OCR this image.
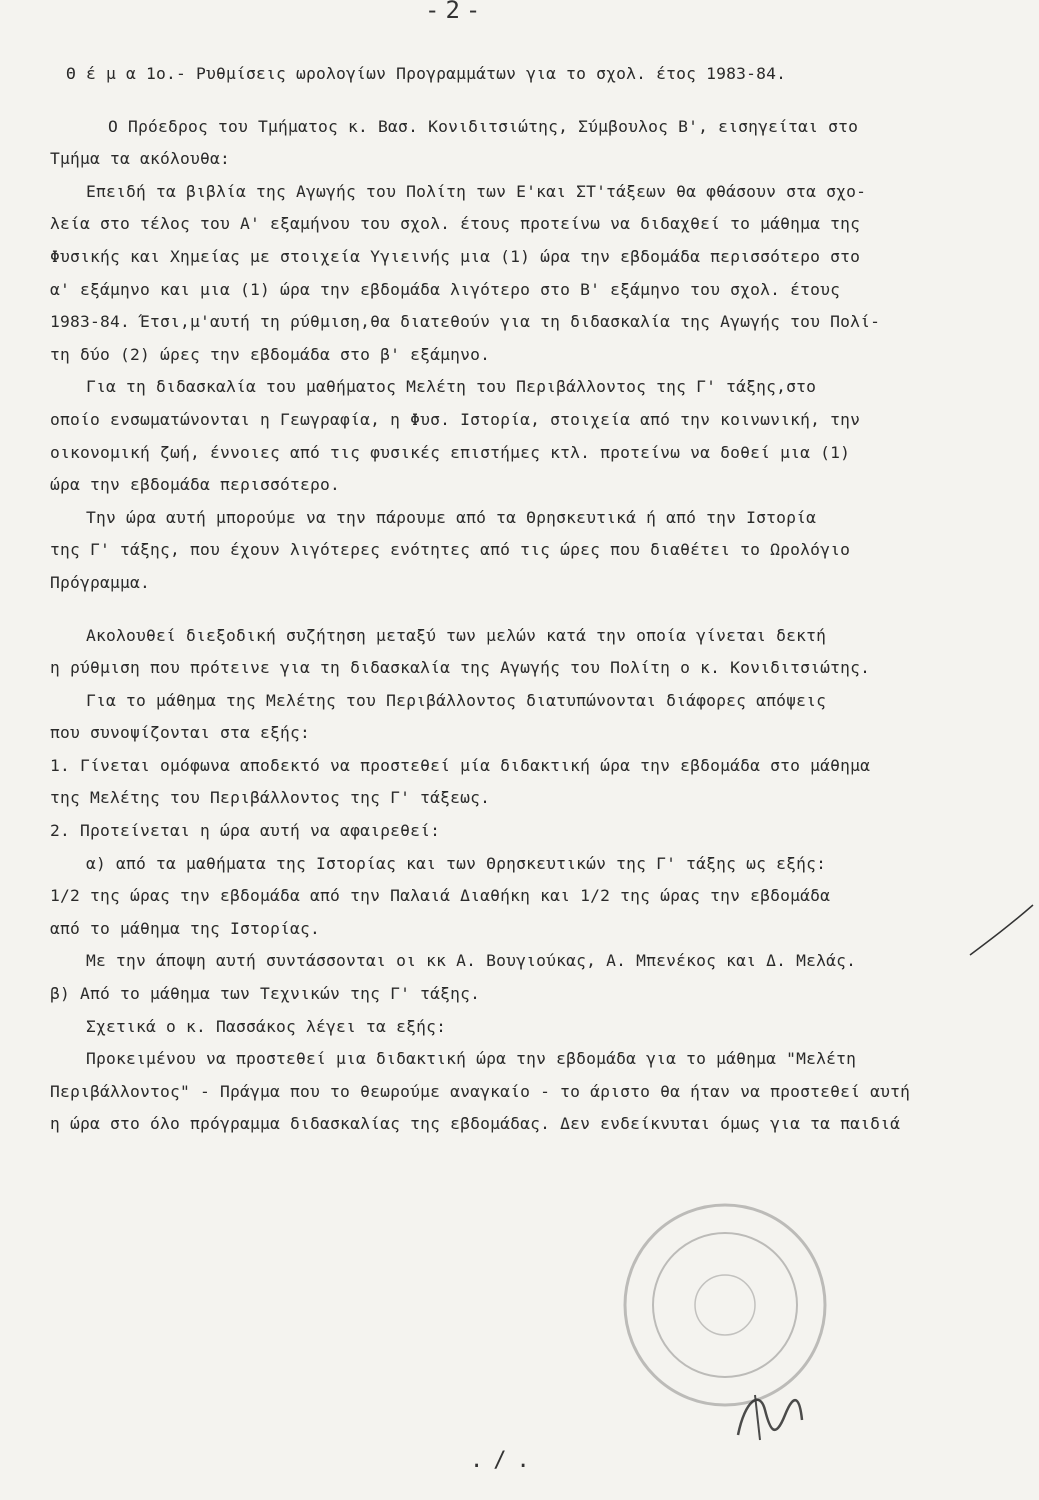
-2-
Θ έ μ α 1ο.- Ρυθμίσεις ωρολογίων Προγραμμάτων για το σχολ. έτος 1983-84.
Ο Πρόεδρος του Τμήματος κ. Βασ. Κονιδιτσιώτης, Σύμβουλος Β', εισηγείται στο
Τμήμα τα ακόλουθα:
Επειδή τα βιβλία της Αγωγής του Πολίτη των Ε'και ΣΤ'τάξεων θα φθάσουν στα σχο-
λεία στο τέλος του Α' εξαμήνου του σχολ. έτους προτείνω να διδαχθεί το μάθημα της
Φυσικής και Χημείας με στοιχεία Υγιεινής μια (1) ώρα την εβδομάδα περισσότερο στο
α' εξάμηνο και μια (1) ώρα την εβδομάδα λιγότερο στο Β' εξάμηνο του σχολ. έτους
1983-84. Έτσι,μ'αυτή τη ρύθμιση,θα διατεθούν για τη διδασκαλία της Αγωγής του Πολί-
τη δύο (2) ώρες την εβδομάδα στο β' εξάμηνο.
Για τη διδασκαλία του μαθήματος Μελέτη του Περιβάλλοντος της Γ' τάξης,στο
οποίο ενσωματώνονται η Γεωγραφία, η Φυσ. Ιστορία, στοιχεία από την κοινωνική, την
οικονομική ζωή, έννοιες από τις φυσικές επιστήμες κτλ. προτείνω να δοθεί μια (1)
ώρα την εβδομάδα περισσότερο.
Την ώρα αυτή μπορούμε να την πάρουμε από τα Θρησκευτικά ή από την Ιστορία
της Γ' τάξης, που έχουν λιγότερες ενότητες από τις ώρες που διαθέτει το Ωρολόγιο
Πρόγραμμα.
Ακολουθεί διεξοδική συζήτηση μεταξύ των μελών κατά την οποία γίνεται δεκτή
η ρύθμιση που πρότεινε για τη διδασκαλία της Αγωγής του Πολίτη ο κ. Κονιδιτσιώτης.
Για το μάθημα της Μελέτης του Περιβάλλοντος διατυπώνονται διάφορες απόψεις
που συνοψίζονται στα εξής:
1. Γίνεται ομόφωνα αποδεκτό να προστεθεί μία διδακτική ώρα την εβδομάδα στο μάθημα
της Μελέτης του Περιβάλλοντος της Γ' τάξεως.
2. Προτείνεται η ώρα αυτή να αφαιρεθεί:
α) από τα μαθήματα της Ιστορίας και των Θρησκευτικών της Γ' τάξης ως εξής:
1/2 της ώρας την εβδομάδα από την Παλαιά Διαθήκη και 1/2 της ώρας την εβδομάδα
από το μάθημα της Ιστορίας.
Με την άποψη αυτή συντάσσονται οι κκ Α. Βουγιούκας, Α. Μπενέκος και Δ. Μελάς.
β) Από το μάθημα των Τεχνικών της Γ' τάξης.
Σχετικά ο κ. Πασσάκος λέγει τα εξής:
Προκειμένου να προστεθεί μια διδακτική ώρα την εβδομάδα για το μάθημα "Μελέτη
Περιβάλλοντος" - Πράγμα που το θεωρούμε αναγκαίο - το άριστο θα ήταν να προστεθεί αυτή
η ώρα στο όλο πρόγραμμα διδασκαλίας της εβδομάδας. Δεν ενδείκνυται όμως για τα παιδιά
./.
